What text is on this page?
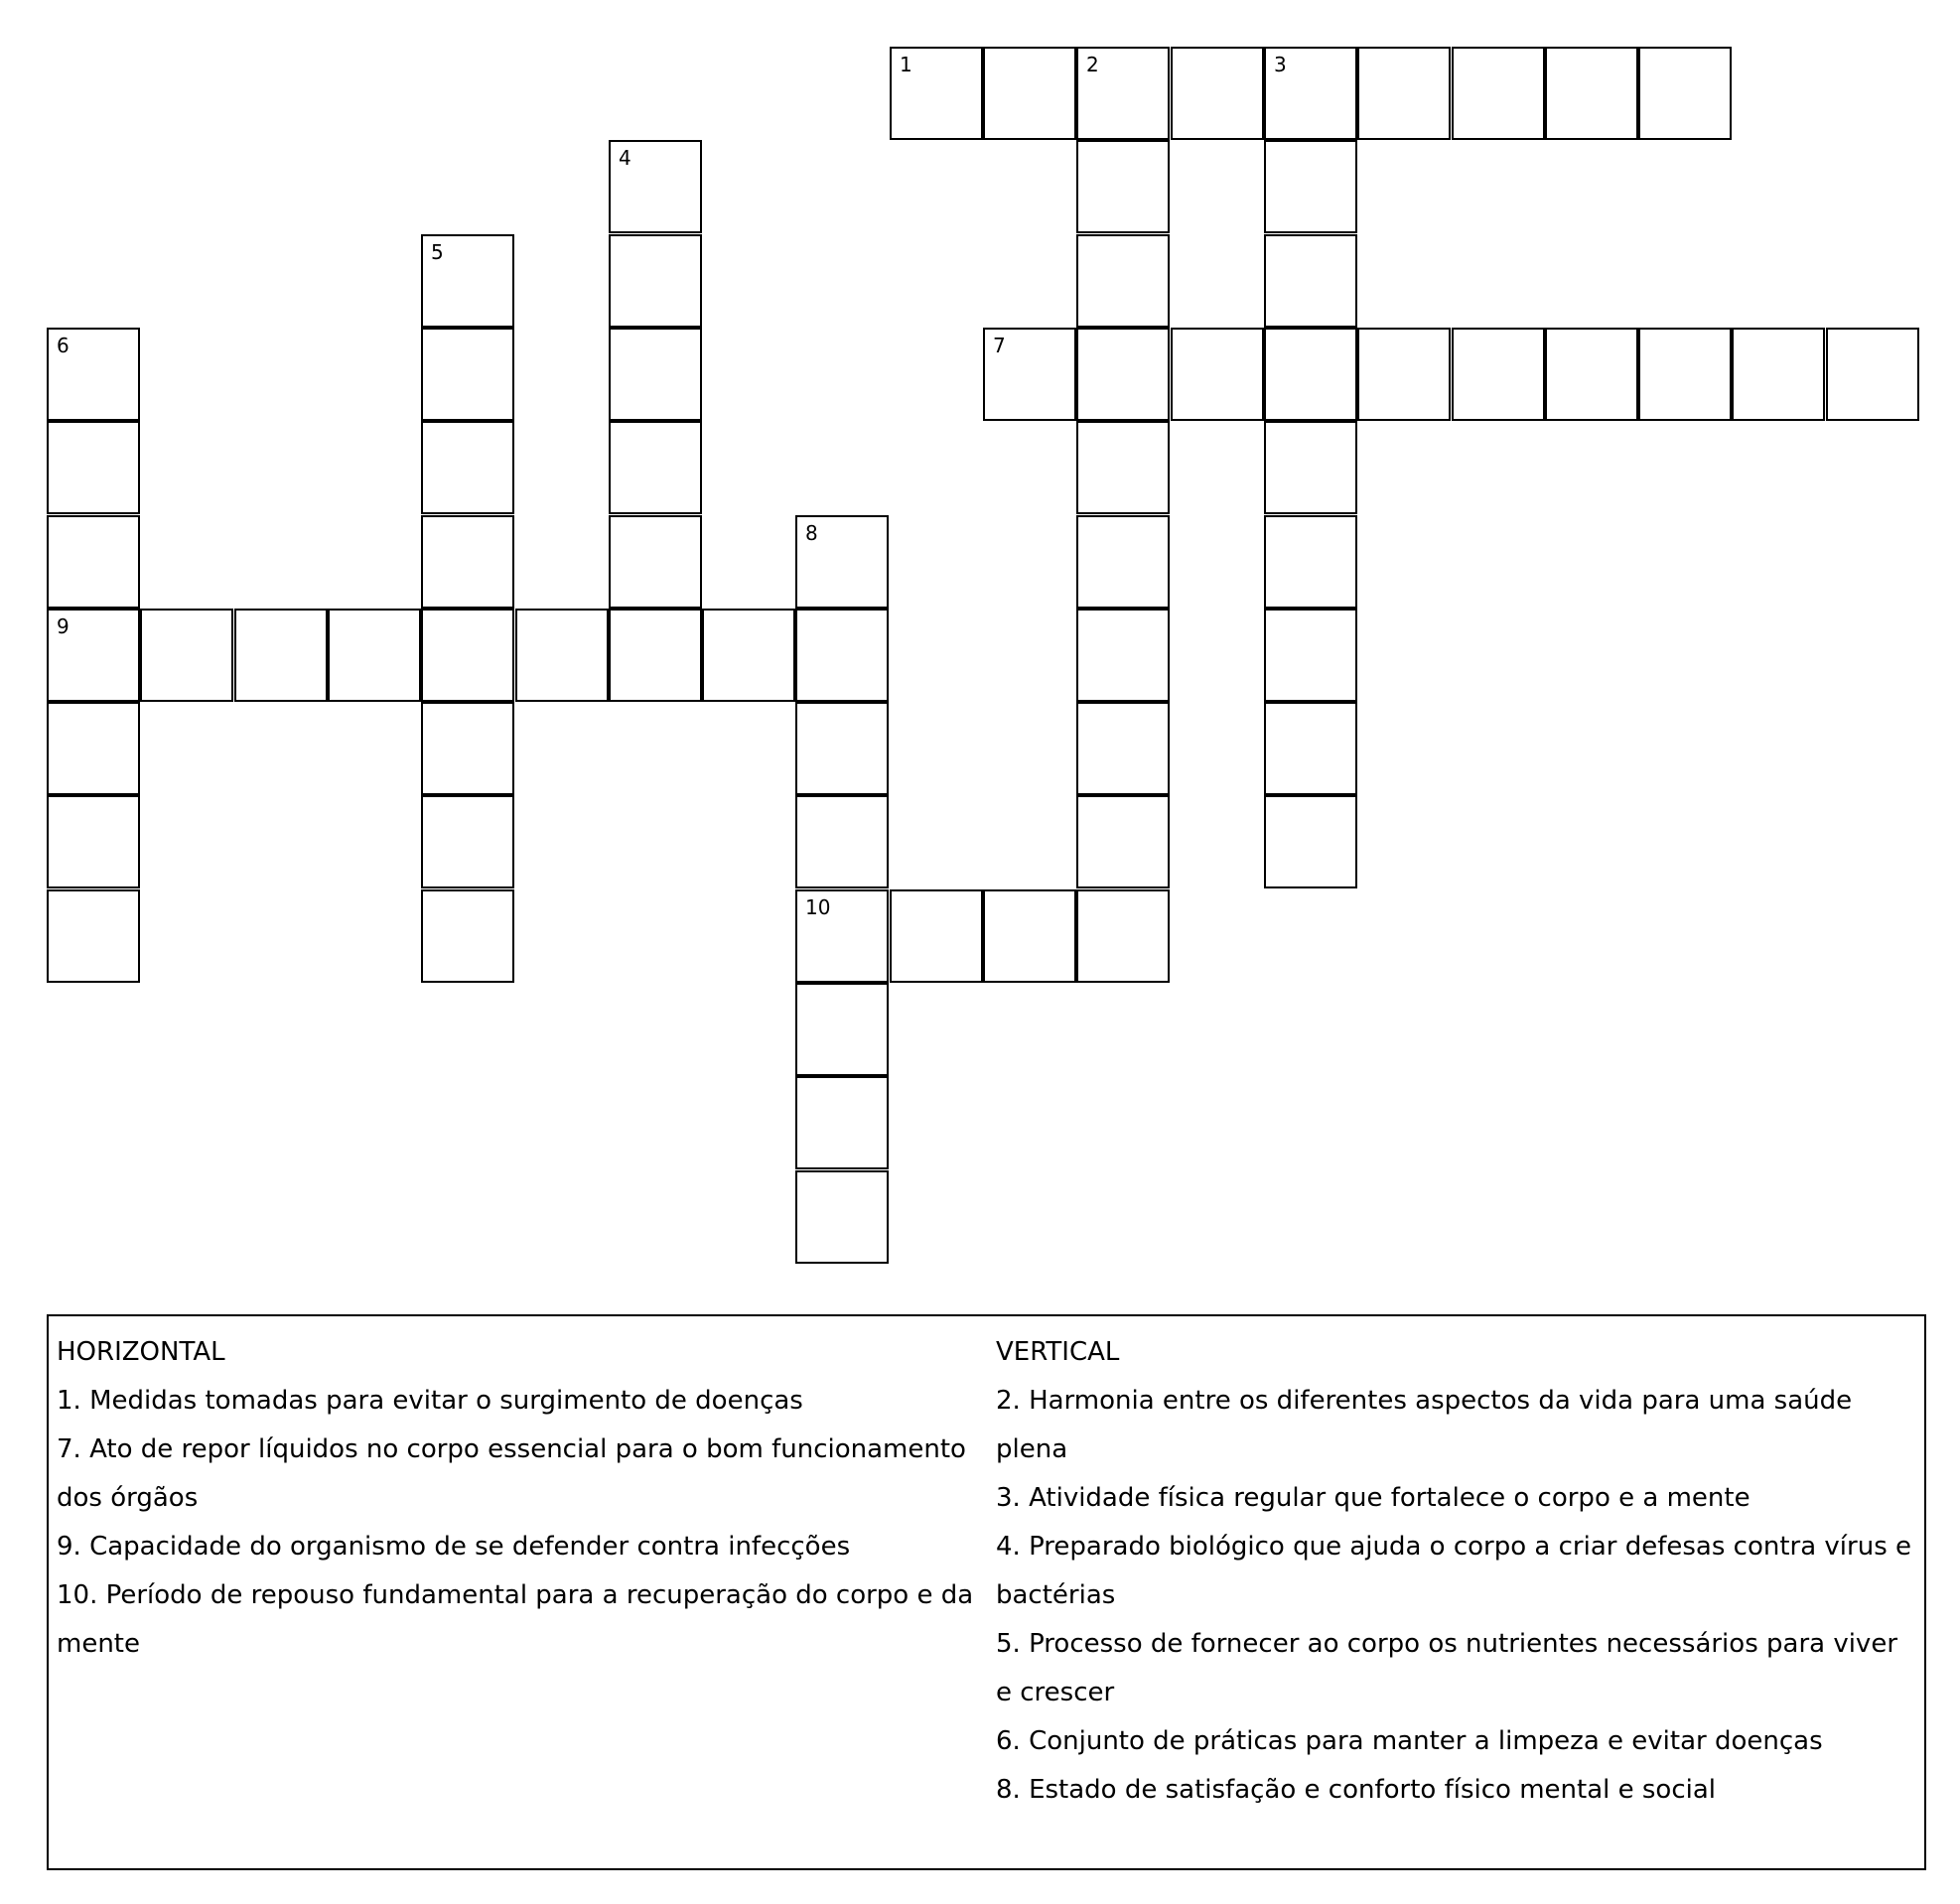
1	2	3
4
5
6	7
8
9
10

HORIZONTAL

1. Medidas tomadas para evitar o surgimento de doenças

7. Ato de repor líquidos no corpo essencial para o bom funcionamento dos órgãos

9. Capacidade do organismo de se defender contra infecções

10. Período de repouso fundamental para a recuperação do corpo e da mente

VERTICAL

2. Harmonia entre os diferentes aspectos da vida para uma saúde plena

3. Atividade física regular que fortalece o corpo e a mente

4. Preparado biológico que ajuda o corpo a criar defesas contra vírus e bactérias

5. Processo de fornecer ao corpo os nutrientes necessários para viver e crescer

6. Conjunto de práticas para manter a limpeza e evitar doenças

8. Estado de satisfação e conforto físico mental e social
